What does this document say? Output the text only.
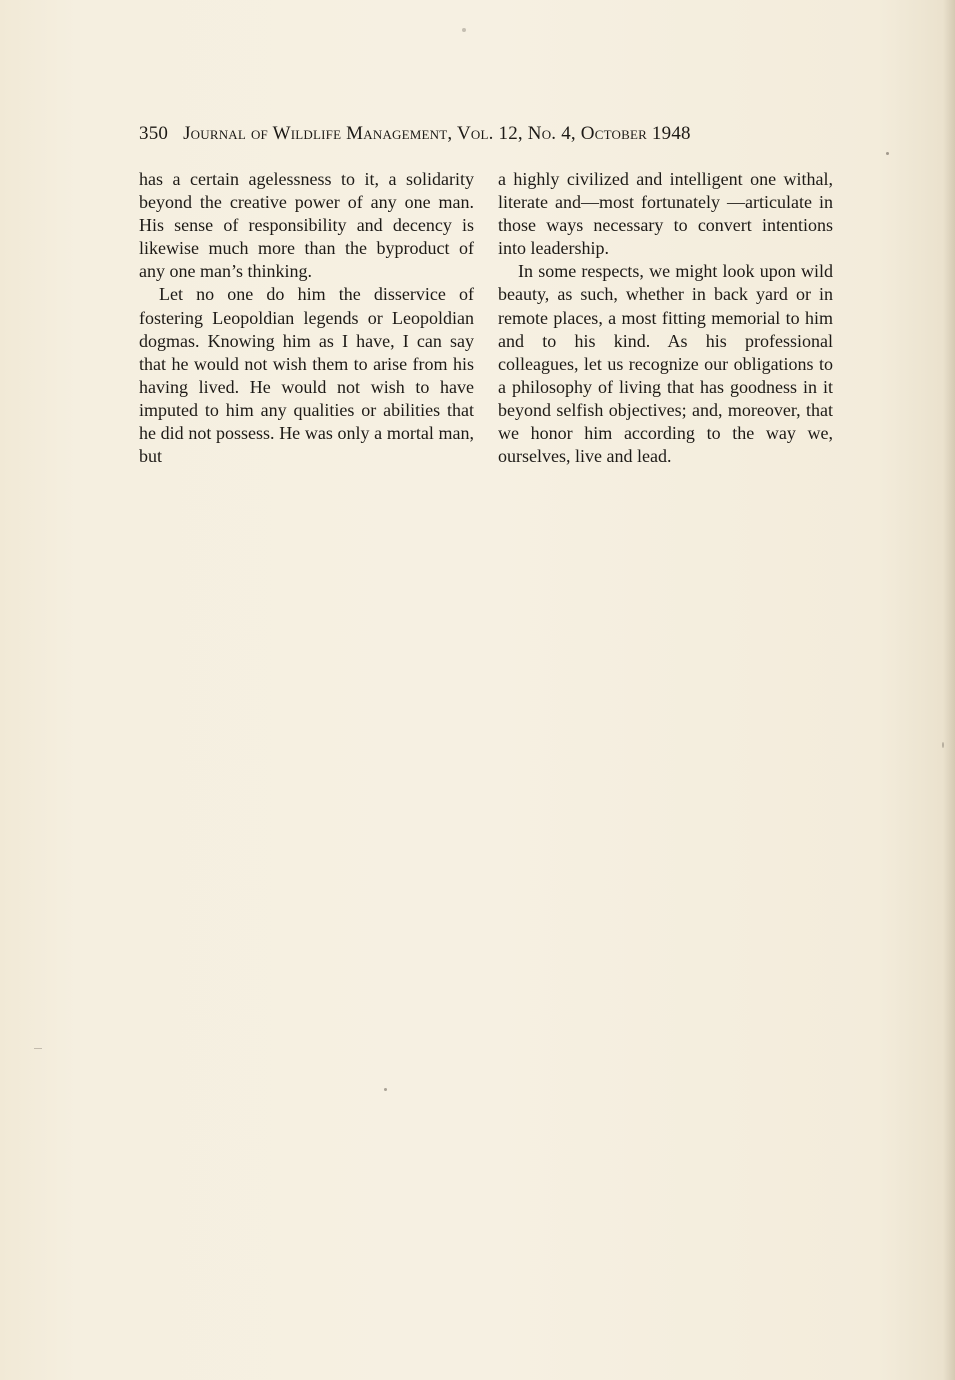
350 Journal of Wildlife Management, Vol. 12, No. 4, October 1948

has a certain agelessness to it, a solidarity beyond the creative power of any one man. His sense of responsibility and decency is likewise much more than the byproduct of any one man’s thinking.

Let no one do him the disservice of fostering Leopoldian legends or Leopoldian dogmas. Knowing him as I have, I can say that he would not wish them to arise from his having lived. He would not wish to have imputed to him any qualities or abilities that he did not possess. He was only a mortal man, but

a highly civilized and intelligent one withal, literate and—most fortunately —articulate in those ways necessary to convert intentions into leadership.

In some respects, we might look upon wild beauty, as such, whether in back yard or in remote places, a most fitting memorial to him and to his kind. As his professional colleagues, let us recognize our obligations to a philosophy of living that has goodness in it beyond selfish objectives; and, moreover, that we honor him according to the way we, ourselves, live and lead.
